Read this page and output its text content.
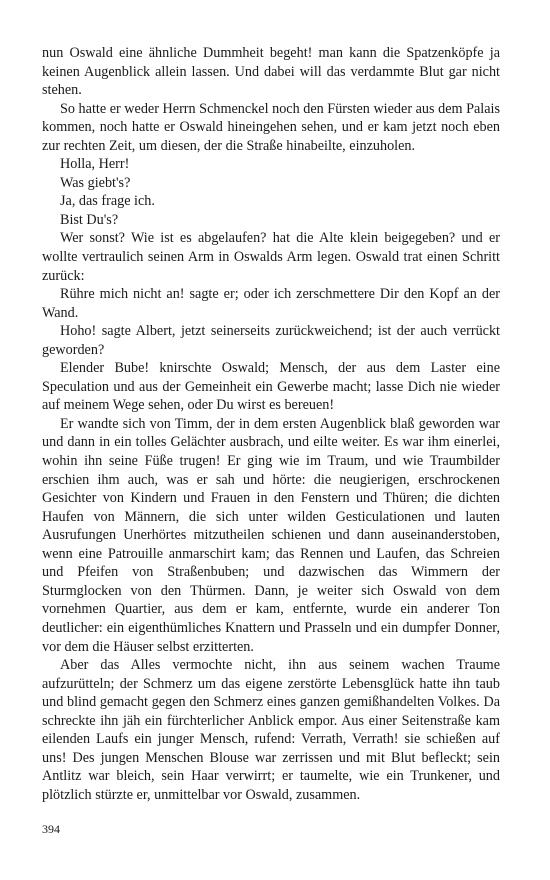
nun Oswald eine ähnliche Dummheit begeht! man kann die Spatzenköpfe ja keinen Augenblick allein lassen. Und dabei will das verdammte Blut gar nicht stehen.

So hatte er weder Herrn Schmenckel noch den Fürsten wieder aus dem Palais kommen, noch hatte er Oswald hineingehen sehen, und er kam jetzt noch eben zur rechten Zeit, um diesen, der die Straße hinabeilte, einzuholen.

Holla, Herr!

Was giebt's?

Ja, das frage ich.

Bist Du's?

Wer sonst? Wie ist es abgelaufen? hat die Alte klein beigegeben? und er wollte vertraulich seinen Arm in Oswalds Arm legen. Oswald trat einen Schritt zurück:

Rühre mich nicht an! sagte er; oder ich zerschmettere Dir den Kopf an der Wand.

Hoho! sagte Albert, jetzt seinerseits zurückweichend; ist der auch verrückt geworden?

Elender Bube! knirschte Oswald; Mensch, der aus dem Laster eine Speculation und aus der Gemeinheit ein Gewerbe macht; lasse Dich nie wieder auf meinem Wege sehen, oder Du wirst es bereuen!

Er wandte sich von Timm, der in dem ersten Augenblick blaß geworden war und dann in ein tolles Gelächter ausbrach, und eilte weiter. Es war ihm einerlei, wohin ihn seine Füße trugen! Er ging wie im Traum, und wie Traumbilder erschien ihm auch, was er sah und hörte: die neugierigen, erschrockenen Gesichter von Kindern und Frauen in den Fenstern und Thüren; die dichten Haufen von Männern, die sich unter wilden Gesticulationen und lauten Ausrufungen Unerhörtes mitzutheilen schienen und dann auseinanderstoben, wenn eine Patrouille anmarschirt kam; das Rennen und Laufen, das Schreien und Pfeifen von Straßenbuben; und dazwischen das Wimmern der Sturmglocken von den Thürmen. Dann, je weiter sich Oswald von dem vornehmen Quartier, aus dem er kam, entfernte, wurde ein anderer Ton deutlicher: ein eigenthümliches Knattern und Prasseln und ein dumpfer Donner, vor dem die Häuser selbst erzitterten.

Aber das Alles vermochte nicht, ihn aus seinem wachen Traume aufzurütteln; der Schmerz um das eigene zerstörte Lebensglück hatte ihn taub und blind gemacht gegen den Schmerz eines ganzen gemißhandelten Volkes. Da schreckte ihn jäh ein fürchterlicher Anblick empor. Aus einer Seitenstraße kam eilenden Laufs ein junger Mensch, rufend: Verrath, Verrath! sie schießen auf uns! Des jungen Menschen Blouse war zerrissen und mit Blut befleckt; sein Antlitz war bleich, sein Haar verwirrt; er taumelte, wie ein Trunkener, und plötzlich stürzte er, unmittelbar vor Oswald, zusammen.

394
